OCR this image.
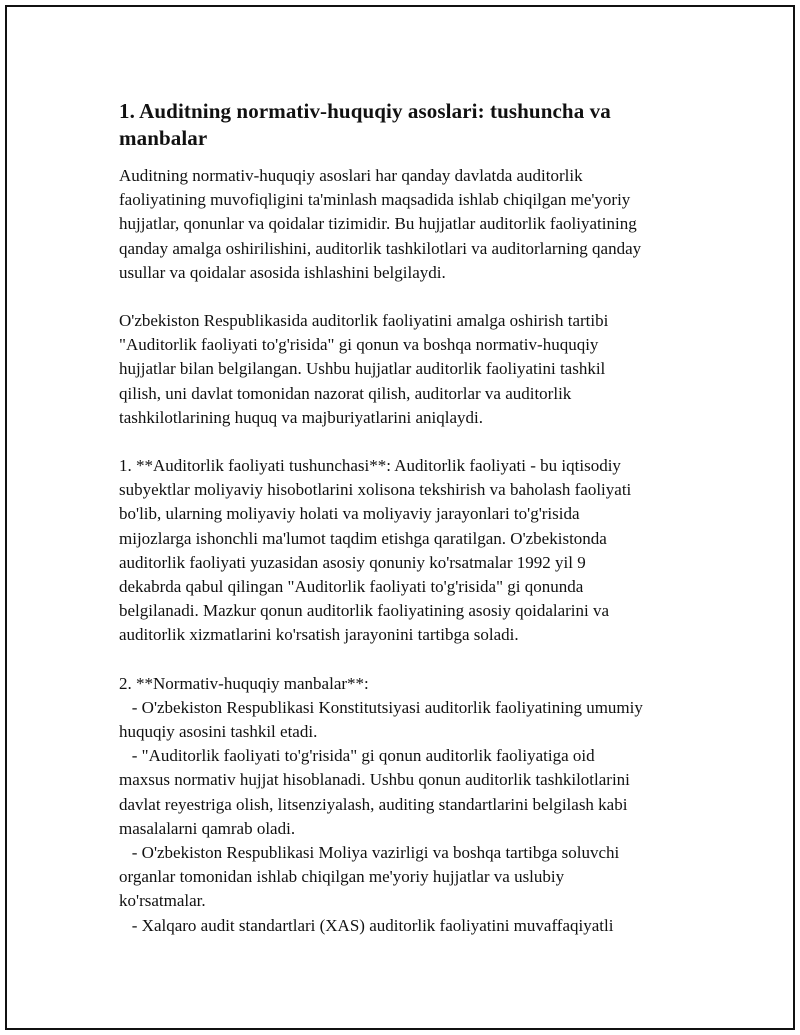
1. Auditning normativ-huquqiy asoslari: tushuncha va
manbalar

Auditning normativ-huquqiy asoslari har qanday davlatda auditorlik

faoliyatining muvofiqligini ta'minlash maqsadida ishlab chiqilgan me'yoriy

hujjatlar, qonunlar va qoidalar tizimidir. Bu hujjatlar auditorlik faoliyatining

qanday amalga oshirilishini, auditorlik tashkilotlari va auditorlarning qanday

usullar va qoidalar asosida ishlashini belgilaydi.

O'zbekiston Respublikasida auditorlik faoliyatini amalga oshirish tartibi

"Auditorlik faoliyati to'g'risida" gi qonun va boshqa normativ-huquqiy

hujjatlar bilan belgilangan. Ushbu hujjatlar auditorlik faoliyatini tashkil

qilish, uni davlat tomonidan nazorat qilish, auditorlar va auditorlik

tashkilotlarining huquq va majburiyatlarini aniqlaydi.

1. **Auditorlik faoliyati tushunchasi**: Auditorlik faoliyati - bu iqtisodiy

subyektlar moliyaviy hisobotlarini xolisona tekshirish va baholash faoliyati

bo'lib, ularning moliyaviy holati va moliyaviy jarayonlari to'g'risida

mijozlarga ishonchli ma'lumot taqdim etishga qaratilgan. O'zbekistonda

auditorlik faoliyati yuzasidan asosiy qonuniy ko'rsatmalar 1992 yil 9

dekabrda qabul qilingan "Auditorlik faoliyati to'g'risida" gi qonunda

belgilanadi. Mazkur qonun auditorlik faoliyatining asosiy qoidalarini va

auditorlik xizmatlarini ko'rsatish jarayonini tartibga soladi.

2. **Normativ-huquqiy manbalar**:

- O'zbekiston Respublikasi Konstitutsiyasi auditorlik faoliyatining umumiy

huquqiy asosini tashkil etadi.

- "Auditorlik faoliyati to'g'risida" gi qonun auditorlik faoliyatiga oid

maxsus normativ hujjat hisoblanadi. Ushbu qonun auditorlik tashkilotlarini

davlat reyestriga olish, litsenziyalash, auditing standartlarini belgilash kabi

masalalarni qamrab oladi.

- O'zbekiston Respublikasi Moliya vazirligi va boshqa tartibga soluvchi

organlar tomonidan ishlab chiqilgan me'yoriy hujjatlar va uslubiy

ko'rsatmalar.

- Xalqaro audit standartlari (XAS) auditorlik faoliyatini muvaffaqiyatli
